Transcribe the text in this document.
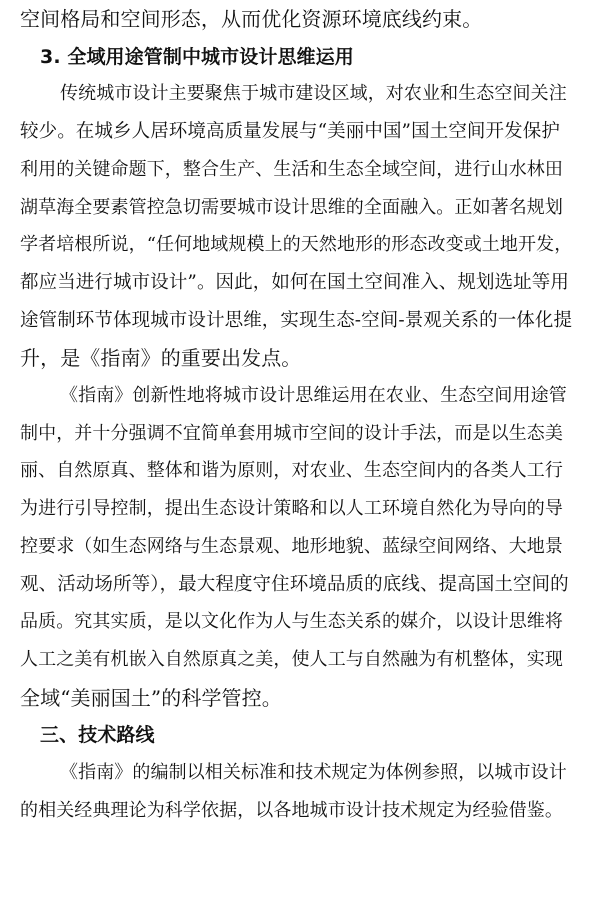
空间格局和空间形态，从而优化资源环境底线约束。
3. 全域用途管制中城市设计思维运用
传统城市设计主要聚焦于城市建设区域，对农业和生态空间关注
较少。在城乡人居环境高质量发展与“美丽中国”国土空间开发保护
利用的关键命题下，整合生产、生活和生态全域空间，进行山水林田
湖草海全要素管控急切需要城市设计思维的全面融入。正如著名规划
学者培根所说，“任何地域规模上的天然地形的形态改变或土地开发，
都应当进行城市设计”。因此，如何在国土空间准入、规划选址等用
途管制环节体现城市设计思维，实现生态-空间-景观关系的一体化提
升，是《指南》的重要出发点。
《指南》创新性地将城市设计思维运用在农业、生态空间用途管
制中，并十分强调不宜简单套用城市空间的设计手法，而是以生态美
丽、自然原真、整体和谐为原则，对农业、生态空间内的各类人工行
为进行引导控制，提出生态设计策略和以人工环境自然化为导向的导
控要求（如生态网络与生态景观、地形地貌、蓝绿空间网络、大地景
观、活动场所等），最大程度守住环境品质的底线、提高国土空间的
品质。究其实质，是以文化作为人与生态关系的媒介，以设计思维将
人工之美有机嵌入自然原真之美，使人工与自然融为有机整体，实现
全域“美丽国土”的科学管控。
三、技术路线
《指南》的编制以相关标准和技术规定为体例参照，以城市设计
的相关经典理论为科学依据，以各地城市设计技术规定为经验借鉴。
